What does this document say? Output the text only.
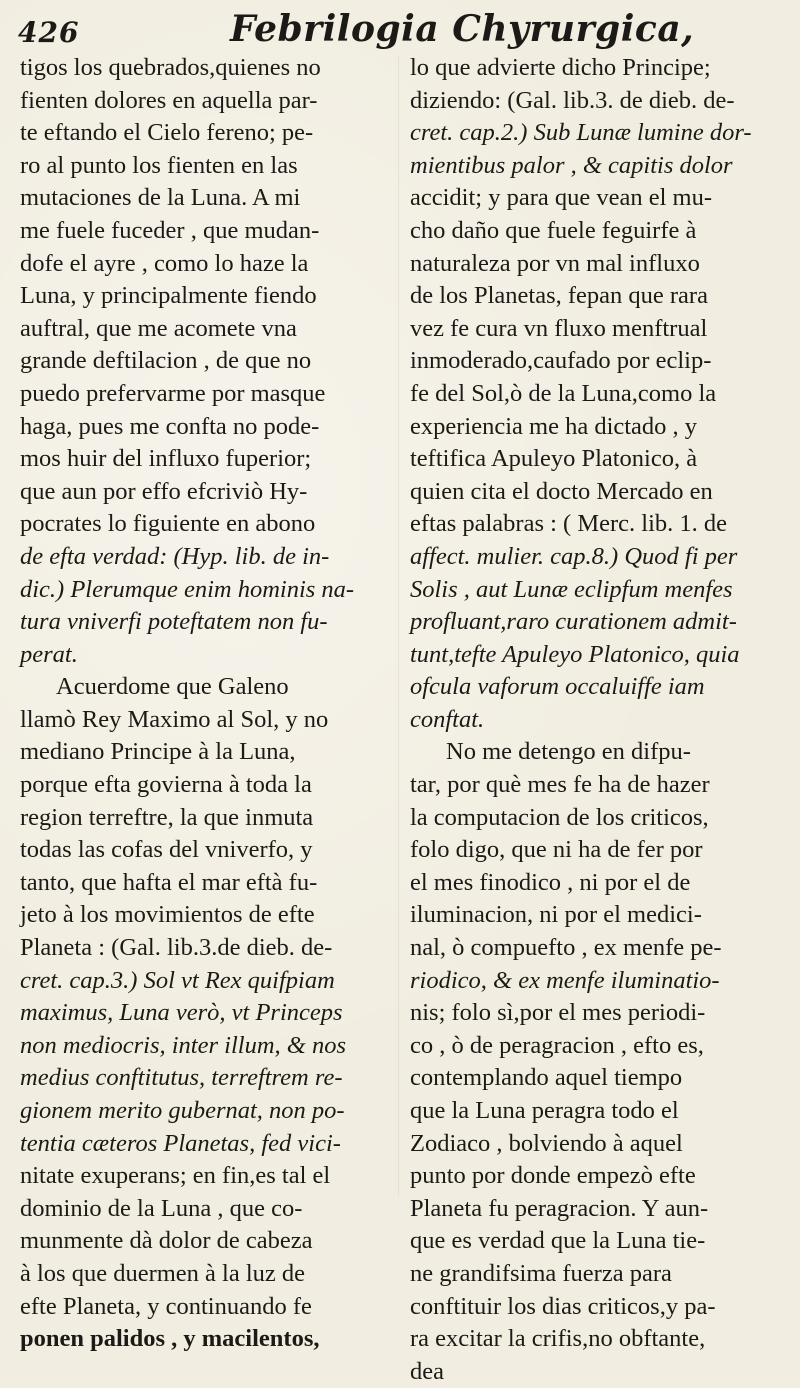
426	Febrilogia Chyrurgica,
tigos los quebrados,quienes no
fienten dolores en aquella par-
te eftando el Cielo fereno; pe-
ro al punto los fienten en las
mutaciones de la Luna. A mi
me fuele fuceder , que mudan-
dofe el ayre , como lo haze la
Luna, y principalmente fiendo
auftral, que me acomete vna
grande deftilacion , de que no
puedo prefervarme por masque
haga, pues me confta no pode-
mos huir del influxo fuperior;
que aun por effo efcriviò Hy-
pocrates lo figuiente en abono
de efta verdad: (Hyp. lib. de in-
dic.) Plerumque enim hominis na-
tura vniverfi poteftatem non fu-
perat.
Acuerdome que Galeno
llamò Rey Maximo al Sol, y no
mediano Principe à la Luna,
porque efta govierna à toda la
region terreftre, la que inmuta
todas las cofas del vniverfo, y
tanto, que hafta el mar eftà fu-
jeto à los movimientos de efte
Planeta : (Gal. lib.3.de dieb. de-
cret. cap.3.) Sol vt Rex quifpiam
maximus, Luna verò, vt Princeps
non mediocris, inter illum, & nos
medius conftitutus, terreftrem re-
gionem merito gubernat, non po-
tentia cæteros Planetas, fed vici-
nitate exuperans; en fin,es tal el
dominio de la Luna , que co-
munmente dà dolor de cabeza
à los que duermen à la luz de
efte Planeta, y continuando fe
ponen palidos , y macilentos,
lo que advierte dicho Principe;
diziendo: (Gal. lib.3. de dieb. de-
cret. cap.2.) Sub Lunæ lumine dor-
mientibus palor , & capitis dolor
accidit; y para que vean el mu-
cho daño que fuele feguirfe à
naturaleza por vn mal influxo
de los Planetas, fepan que rara
vez fe cura vn fluxo menftrual
inmoderado,caufado por eclip-
fe del Sol,ò de la Luna,como la
experiencia me ha dictado , y
teftifica Apuleyo Platonico, à
quien cita el docto Mercado en
eftas palabras : ( Merc. lib. 1. de
affect. mulier. cap.8.) Quod fi per
Solis , aut Lunæ eclipfum menfes
profluant,raro curationem admit-
tunt,tefte Apuleyo Platonico, quia
ofcula vaforum occaluiffe iam
conftat.
No me detengo en difpu-
tar, por què mes fe ha de hazer
la computacion de los criticos,
folo digo, que ni ha de fer por
el mes finodico , ni por el de
iluminacion, ni por el medici-
nal, ò compuefto , ex menfe pe-
riodico, & ex menfe iluminatio-
nis; folo sì,por el mes periodi-
co , ò de peragracion , efto es,
contemplando aquel tiempo
que la Luna peragra todo el
Zodiaco , bolviendo à aquel
punto por donde empezò efte
Planeta fu peragracion. Y aun-
que es verdad que la Luna tie-
ne grandifsima fuerza para
conftituir los dias criticos,y pa-
ra excitar la crifis,no obftante,
dea
